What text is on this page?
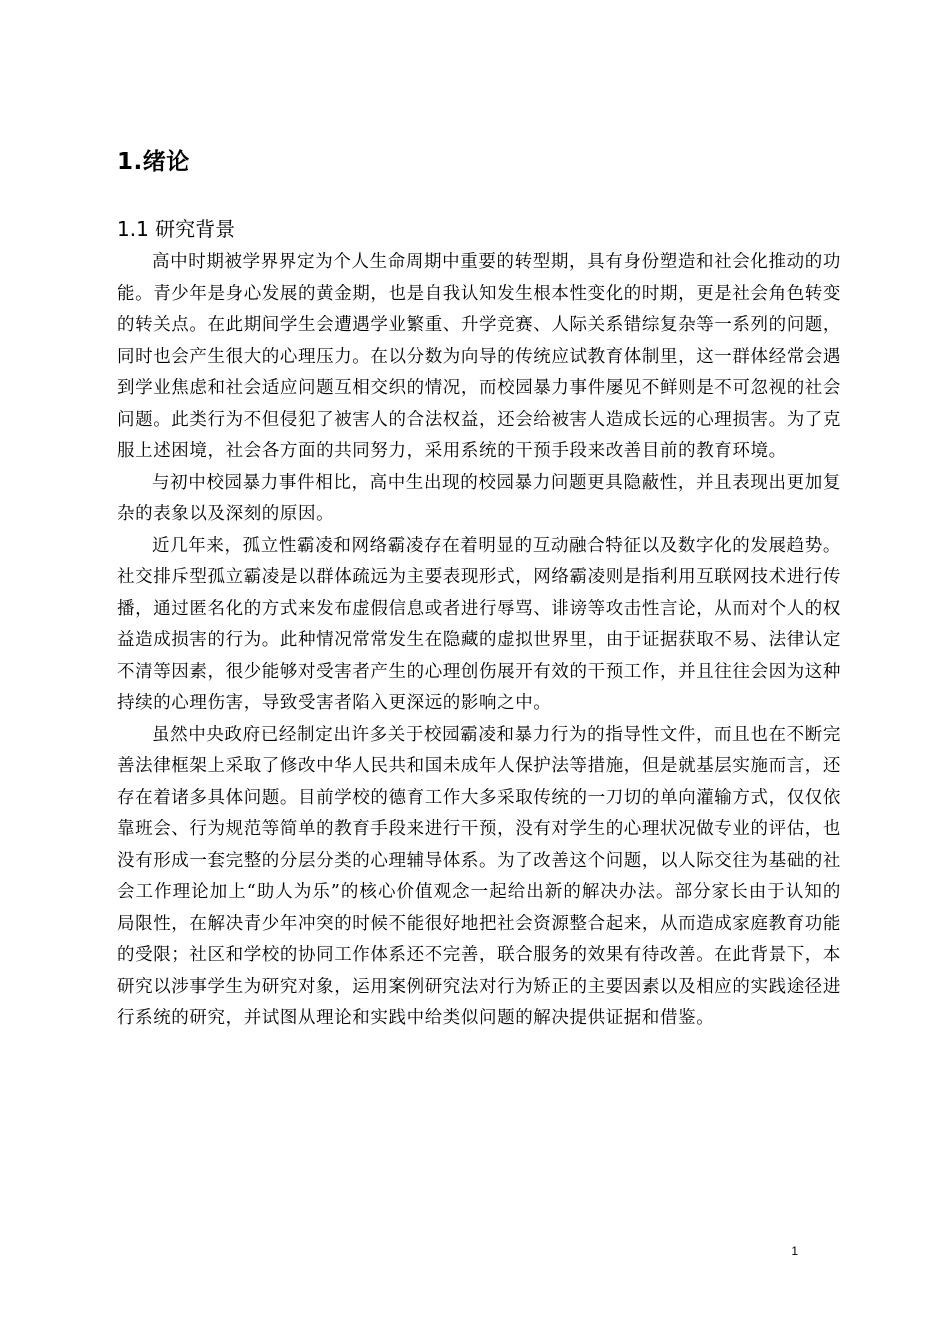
1.绪论
1.1 研究背景

高中时期被学界界定为个人生命周期中重要的转型期，具有身份塑造和社会化推动的功能。青少年是身心发展的黄金期，也是自我认知发生根本性变化的时期，更是社会角色转变的转关点。在此期间学生会遭遇学业繁重、升学竞赛、人际关系错综复杂等一系列的问题，同时也会产生很大的心理压力。在以分数为向导的传统应试教育体制里，这一群体经常会遇到学业焦虑和社会适应问题互相交织的情况，而校园暴力事件屡见不鲜则是不可忽视的社会问题。此类行为不但侵犯了被害人的合法权益，还会给被害人造成长远的心理损害。为了克服上述困境，社会各方面的共同努力，采用系统的干预手段来改善目前的教育环境。

与初中校园暴力事件相比，高中生出现的校园暴力问题更具隐蔽性，并且表现出更加复杂的表象以及深刻的原因。

近几年来，孤立性霸凌和网络霸凌存在着明显的互动融合特征以及数字化的发展趋势。社交排斥型孤立霸凌是以群体疏远为主要表现形式，网络霸凌则是指利用互联网技术进行传播，通过匿名化的方式来发布虚假信息或者进行辱骂、诽谤等攻击性言论，从而对个人的权益造成损害的行为。此种情况常常发生在隐藏的虚拟世界里，由于证据获取不易、法律认定不清等因素，很少能够对受害者产生的心理创伤展开有效的干预工作，并且往往会因为这种持续的心理伤害，导致受害者陷入更深远的影响之中。

虽然中央政府已经制定出许多关于校园霸凌和暴力行为的指导性文件，而且也在不断完善法律框架上采取了修改中华人民共和国未成年人保护法等措施，但是就基层实施而言，还存在着诸多具体问题。目前学校的德育工作大多采取传统的一刀切的单向灌输方式，仅仅依靠班会、行为规范等简单的教育手段来进行干预，没有对学生的心理状况做专业的评估，也没有形成一套完整的分层分类的心理辅导体系。为了改善这个问题，以人际交往为基础的社会工作理论加上“助人为乐”的核心价值观念一起给出新的解决办法。部分家长由于认知的局限性，在解决青少年冲突的时候不能很好地把社会资源整合起来，从而造成家庭教育功能的受限；社区和学校的协同工作体系还不完善，联合服务的效果有待改善。在此背景下，本研究以涉事学生为研究对象，运用案例研究法对行为矫正的主要因素以及相应的实践途径进行系统的研究，并试图从理论和实践中给类似问题的解决提供证据和借鉴。

1
